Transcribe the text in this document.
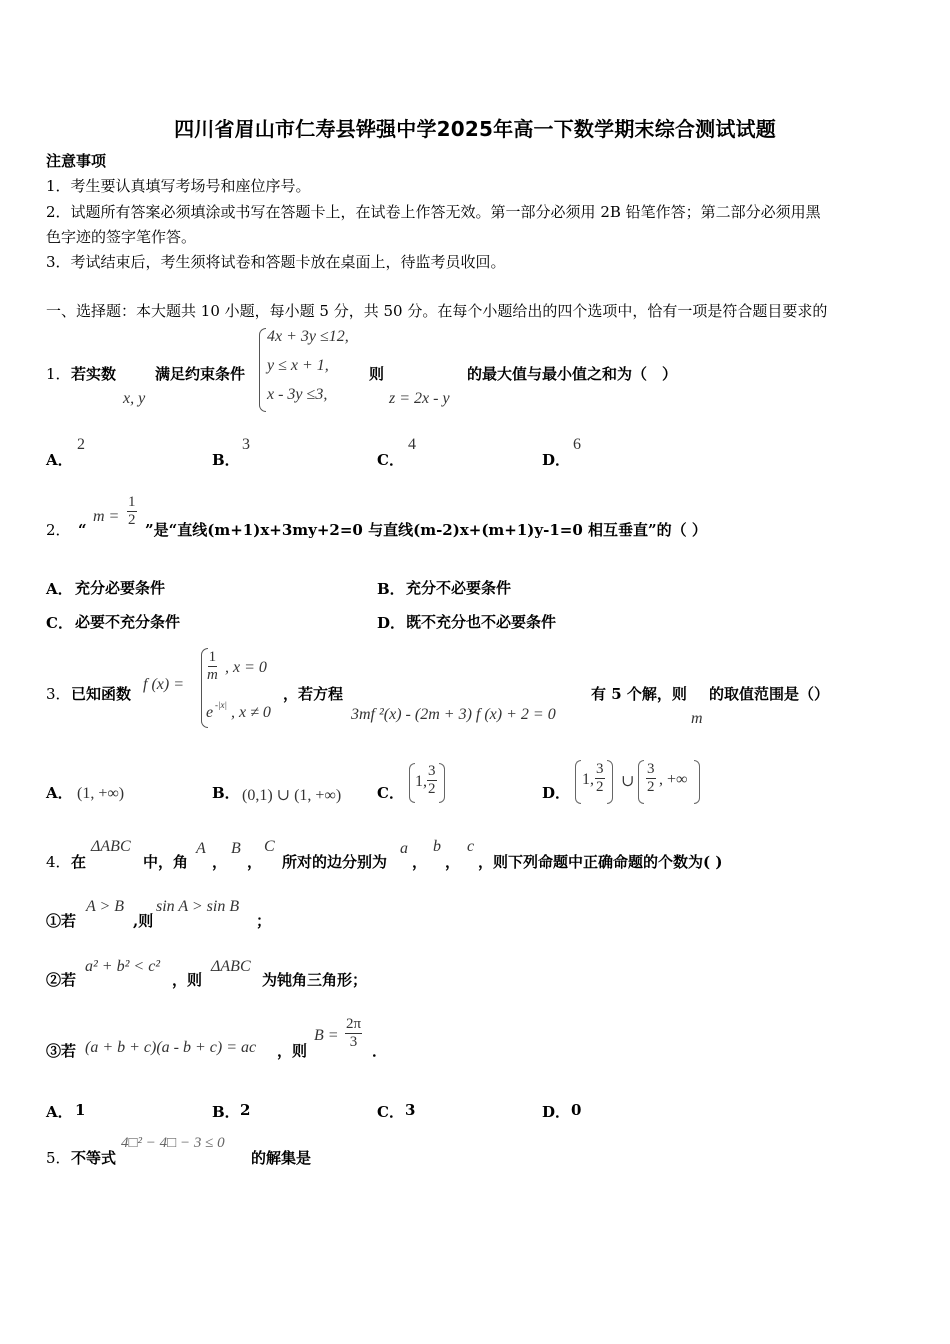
四川省眉山市仁寿县铧强中学2025年高一下数学期末综合测试试题
注意事项
1．考生要认真填写考场号和座位序号。
2．试题所有答案必须填涂或书写在答题卡上，在试卷上作答无效。第一部分必须用 2B 铅笔作答；第二部分必须用黑
色字迹的签字笔作答。
3．考试结束后，考生须将试卷和答题卡放在桌面上，待监考员收回。
一、选择题：本大题共 10 小题，每小题 5 分，共 50 分。在每个小题给出的四个选项中，恰有一项是符合题目要求的
1． 若实数
x, y
满足约束条件
4x + 3y ≤12,
y ≤ x + 1,
x - 3y ≤3,
则
z = 2x - y
的最大值与最小值之和为（　）
A．
2
B．
3
C．
4
D．
6
2． “
$m = \frac{1}{2}$
”是“直线(m+1)x+3my+2=0 与直线(m-2)x+(m+1)y-1=0 相互垂直”的（ ）
A． 充分必要条件	B． 充分不必要条件
C． 必要不充分条件	D． 既不充分也不必要条件
3． 已知函数
f (x) =
$\frac{1}{m}$ , x = 0
e -|x| , x ≠ 0
，若方程
3mf ²(x) - (2m + 3) f (x) + 2 = 0
有 5 个解，则
m
的取值范围是（）
A． (1, +∞)	B． (0,1) ∪ (1, +∞) C．
1, $\frac{3}{2}$	D．
1, $\frac{3}{2}$ ∪ $\frac{3}{2}$ , +∞
4． 在
ΔABC
中，角
A
，
B
，
C
所对的边分别为
a
，
b
，
c
，则下列命题中正确命题的个数为( )
①若
A > B
,则
sin A > sin B
；
②若
a² + b² < c²
，则
ΔABC
为钝角三角形；
③若 (a + b + c)(a - b + c) = ac ，则
$B = \frac{2\pi}{3}$ ．
A． 1	B． 2	C． 3	D． 0
5． 不等式
4□² − 4□ − 3 ≤ 0
的解集是
